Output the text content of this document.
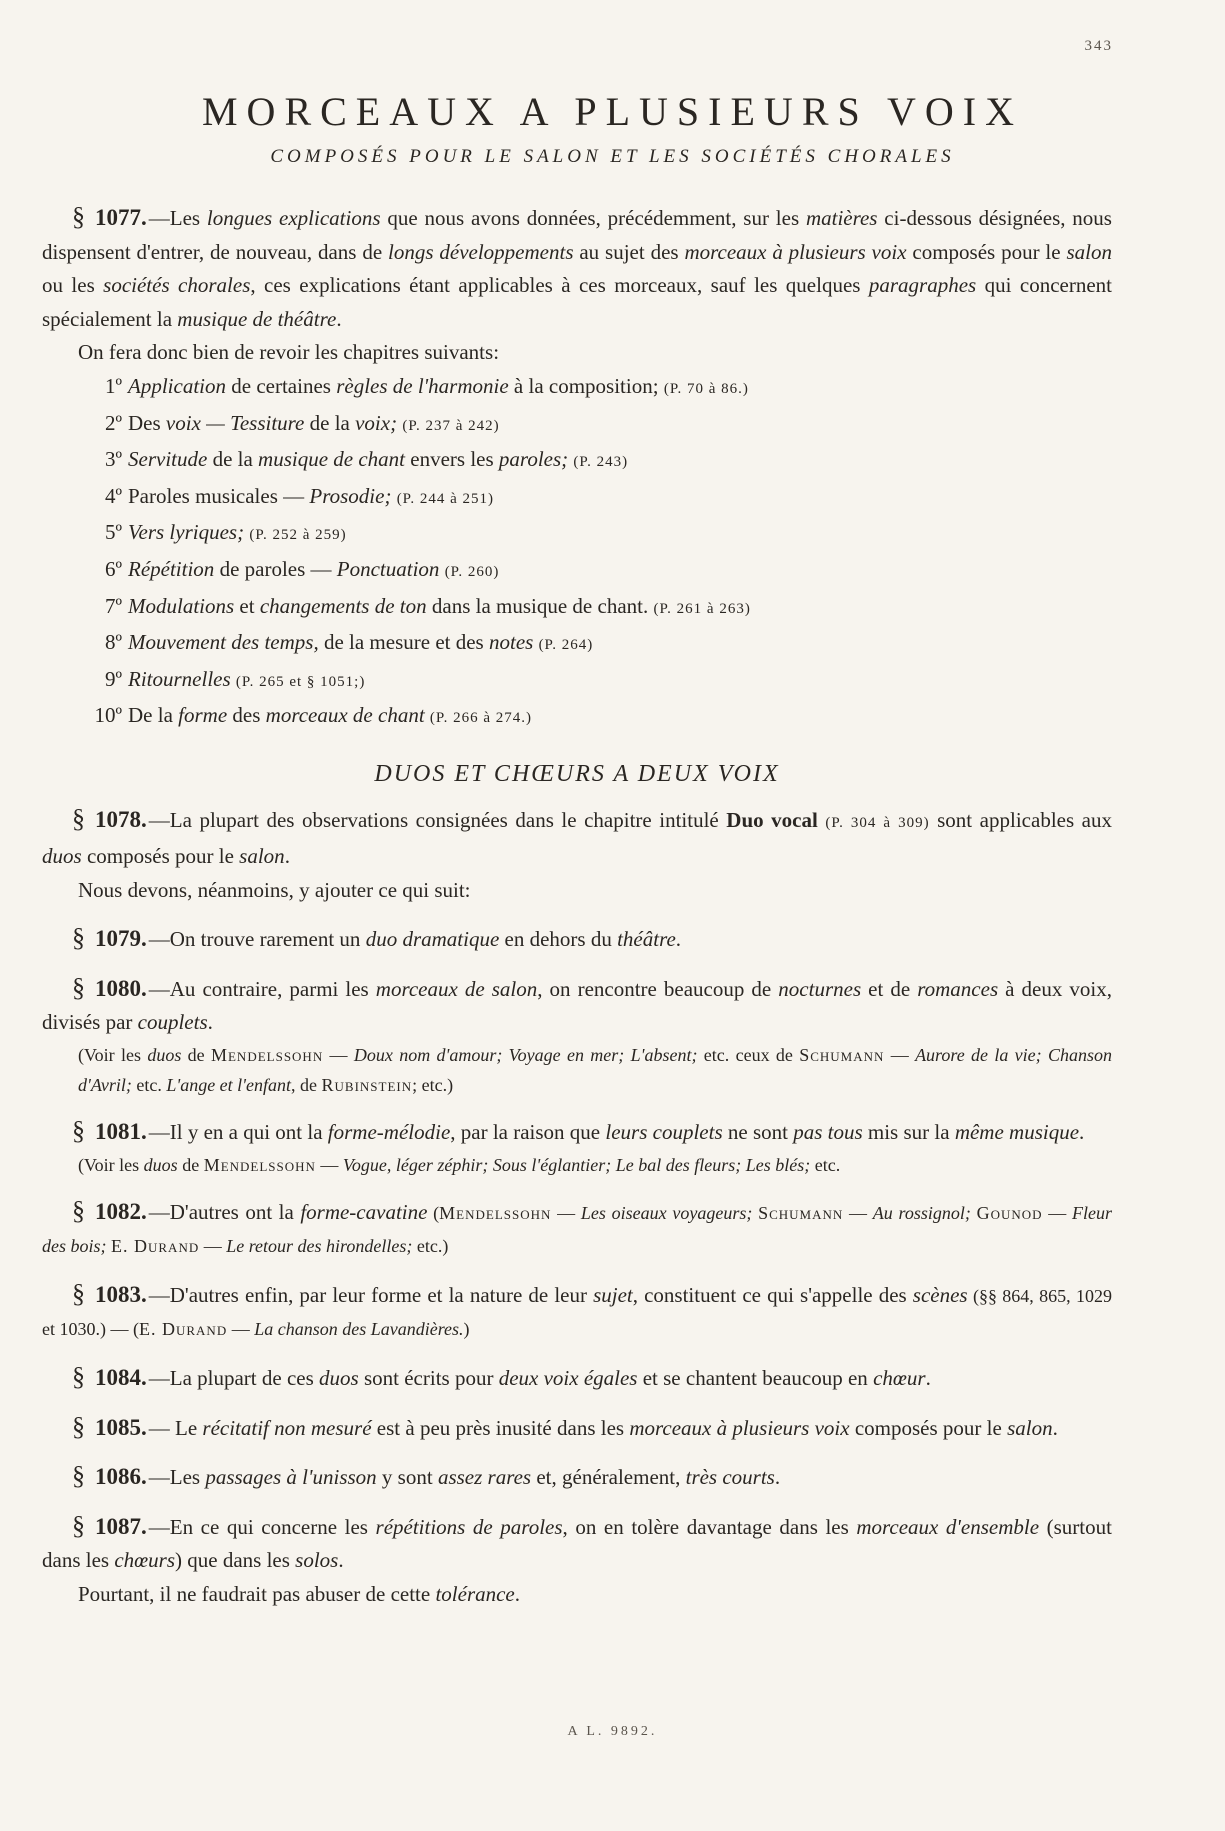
343
MORCEAUX A PLUSIEURS VOIX
COMPOSÉS POUR LE SALON ET LES SOCIÉTÉS CHORALES

§ 1077.—Les longues explications que nous avons données, précédemment, sur les matières ci-dessous désignées, nous dispensent d'entrer, de nouveau, dans de longs développements au sujet des morceaux à plusieurs voix composés pour le salon ou les sociétés chorales, ces explications étant applicables à ces morceaux, sauf les quelques paragraphes qui concernent spécialement la musique de théâtre.

On fera donc bien de revoir les chapitres suivants:

1º Application de certaines règles de l'harmonie à la composition; (P. 70 à 86.)
2º Des voix — Tessiture de la voix; (P. 237 à 242)
3º Servitude de la musique de chant envers les paroles; (P. 243)
4º Paroles musicales — Prosodie; (P. 244 à 251)
5º Vers lyriques; (P. 252 à 259)
6º Répétition de paroles — Ponctuation (P. 260)
7º Modulations et changements de ton dans la musique de chant. (P. 261 à 263)
8º Mouvement des temps, de la mesure et des notes (P. 264)
9º Ritournelles (P. 265 et § 1051;)
10º De la forme des morceaux de chant (P. 266 à 274.)
DUOS ET CHŒURS A DEUX VOIX

§ 1078.—La plupart des observations consignées dans le chapitre intitulé Duo vocal (P. 304 à 309) sont applicables aux duos composés pour le salon.

Nous devons, néanmoins, y ajouter ce qui suit:

§ 1079.—On trouve rarement un duo dramatique en dehors du théâtre.

§ 1080.—Au contraire, parmi les morceaux de salon, on rencontre beaucoup de nocturnes et de romances à deux voix, divisés par couplets.

(Voir les duos de Mendelssohn — Doux nom d'amour; Voyage en mer; L'absent; etc. ceux de Schumann — Aurore de la vie; Chanson d'Avril; etc. L'ange et l'enfant, de Rubinstein; etc.)

§ 1081.—Il y en a qui ont la forme-mélodie, par la raison que leurs couplets ne sont pas tous mis sur la même musique.

(Voir les duos de Mendelssohn — Vogue, léger zéphir; Sous l'églantier; Le bal des fleurs; Les blés; etc.

§ 1082.—D'autres ont la forme-cavatine (Mendelssohn — Les oiseaux voyageurs; Schumann — Au rossignol; Gounod — Fleur des bois; E. Durand — Le retour des hirondelles; etc.)

§ 1083.—D'autres enfin, par leur forme et la nature de leur sujet, constituent ce qui s'appelle des scènes (§§ 864, 865, 1029 et 1030.) — (E. Durand — La chanson des Lavandières.)

§ 1084.—La plupart de ces duos sont écrits pour deux voix égales et se chantent beaucoup en chœur.

§ 1085.— Le récitatif non mesuré est à peu près inusité dans les morceaux à plusieurs voix composés pour le salon.

§ 1086.—Les passages à l'unisson y sont assez rares et, généralement, très courts.

§ 1087.—En ce qui concerne les répétitions de paroles, on en tolère davantage dans les morceaux d'ensemble (surtout dans les chœurs) que dans les solos.

Pourtant, il ne faudrait pas abuser de cette tolérance.

A L. 9892.
